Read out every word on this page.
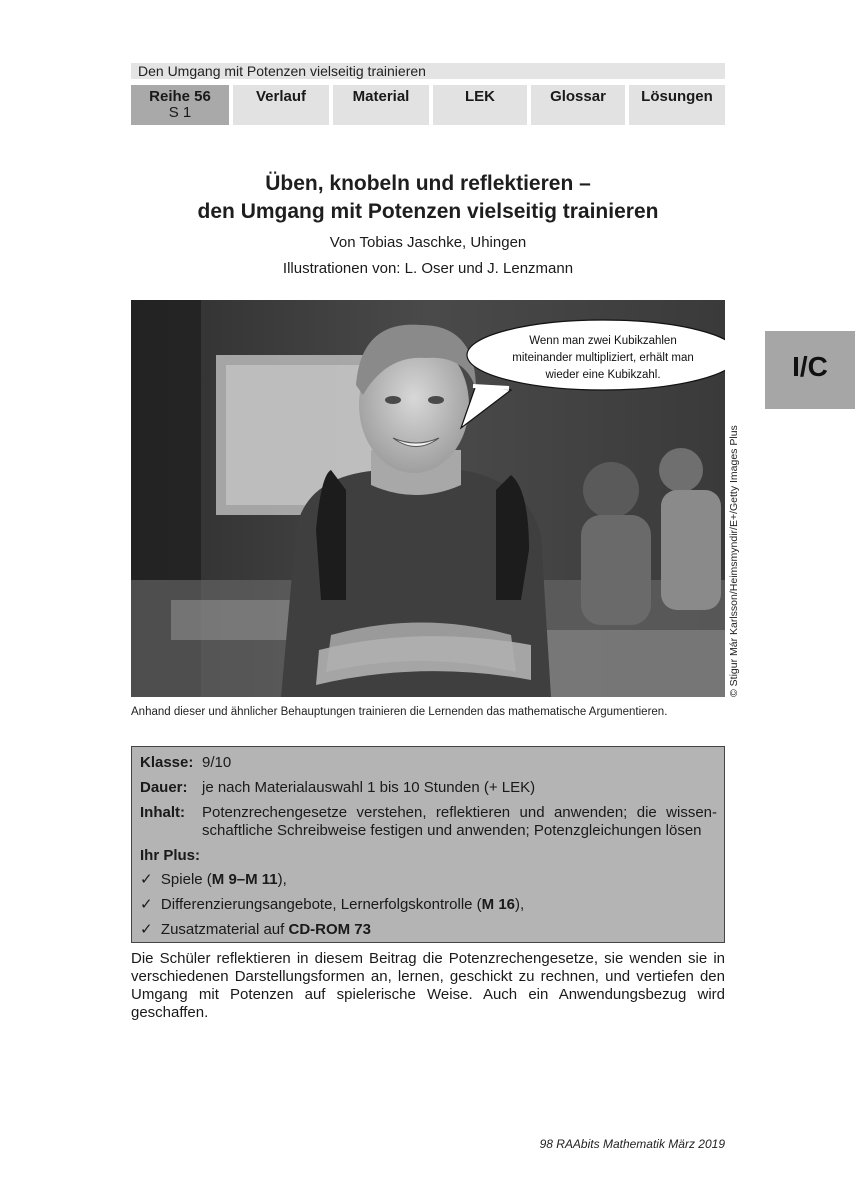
Den Umgang mit Potenzen vielseitig trainieren
Reihe 56
S 1
Verlauf	Material	LEK	Glossar	Lösungen
Üben, knobeln und reflektieren –
den Umgang mit Potenzen vielseitig trainieren
Von Tobias Jaschke, Uhingen
Illustrationen von: L. Oser und J. Lenzmann
I/C
Wenn man zwei Kubikzahlen
miteinander multipliziert, erhält man
wieder eine Kubikzahl.
© Stigur Már Karlsson/Heimsmyndir/E+/Getty Images Plus
Anhand dieser und ähnlicher Behauptungen trainieren die Lernenden das mathematische Argumentieren.
Klasse: 9/10
Dauer: je nach Materialauswahl 1 bis 10 Stunden (+ LEK)
Inhalt: Potenzrechengesetze verstehen, reflektieren und anwenden; die wissen-
schaftliche Schreibweise festigen und anwenden; Potenzgleichungen lösen
Ihr Plus:
✓ Spiele (M 9–M 11),
✓ Differenzierungsangebote, Lernerfolgskontrolle (M 16),
✓ Zusatzmaterial auf CD-ROM 73
Die Schüler reflektieren in diesem Beitrag die Potenzrechengesetze, sie wenden sie in verschiedenen Darstellungsformen an, lernen, geschickt zu rechnen, und vertiefen den Umgang mit Potenzen auf spielerische Weise. Auch ein Anwendungsbezug wird geschaffen.
98 RAAbits Mathematik März 2019
